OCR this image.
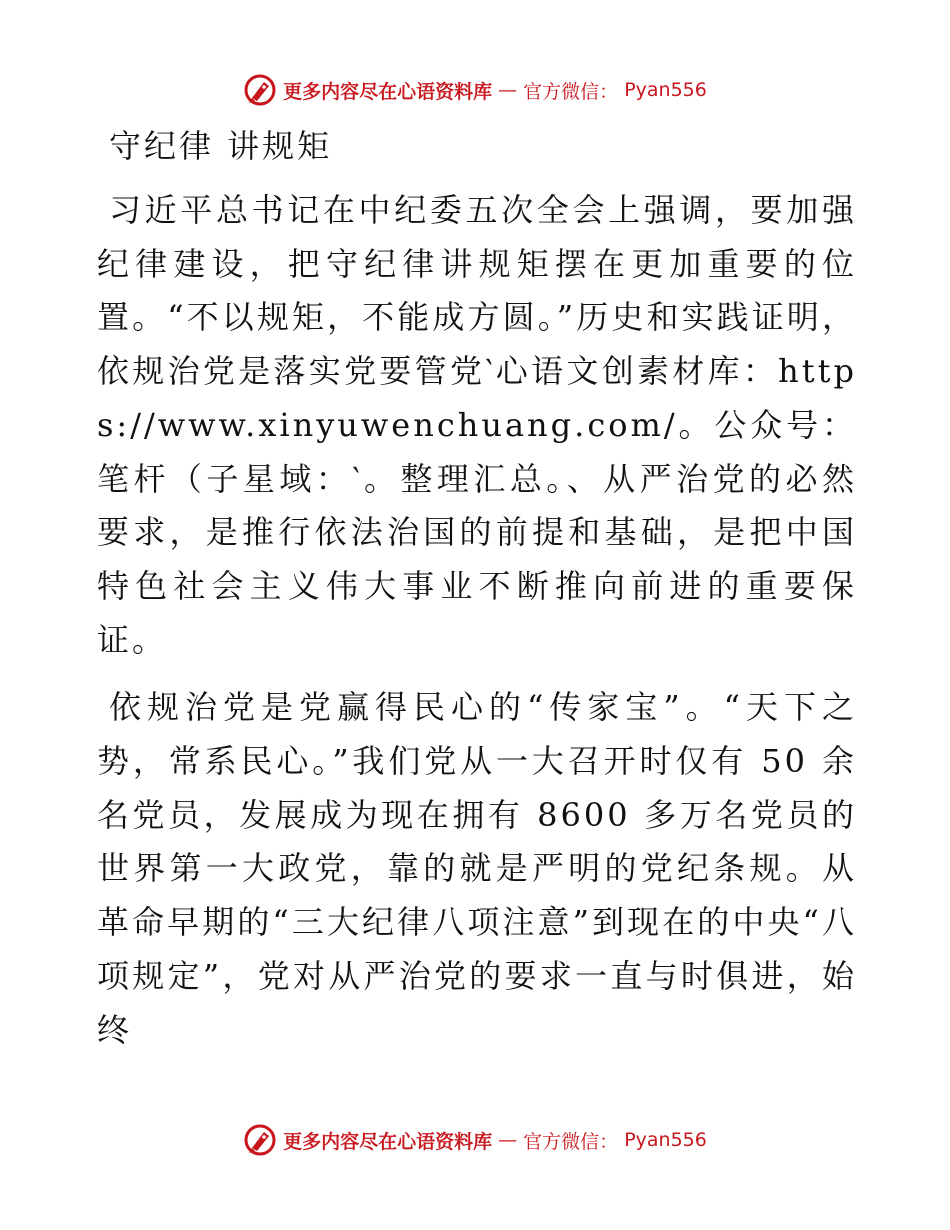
更多内容尽在心语资料库 — 官方微信： Pyan556
守纪律 讲规矩

习近平总书记在中纪委五次全会上强调，要加强纪律建设，把守纪律讲规矩摆在更加重要的位置。“不以规矩，不能成方圆。”历史和实践证明，依规治党是落实党要管党‵心语文创素材库：https://www.xinyuwenchuang.com/。公众号：笔杆（子星域：‵。整理汇总。、从严治党的必然要求，是推行依法治国的前提和基础，是把中国特色社会主义伟大事业不断推向前进的重要保证。

依规治党是党赢得民心的“传家宝”。“天下之势，常系民心。”我们党从一大召开时仅有 50 余名党员，发展成为现在拥有 8600 多万名党员的世界第一大政党，靠的就是严明的党纪条规。从革命早期的“三大纪律八项注意”到现在的中央“八项规定”，党对从严治党的要求一直与时俱进，始终

更多内容尽在心语资料库 — 官方微信： Pyan556
